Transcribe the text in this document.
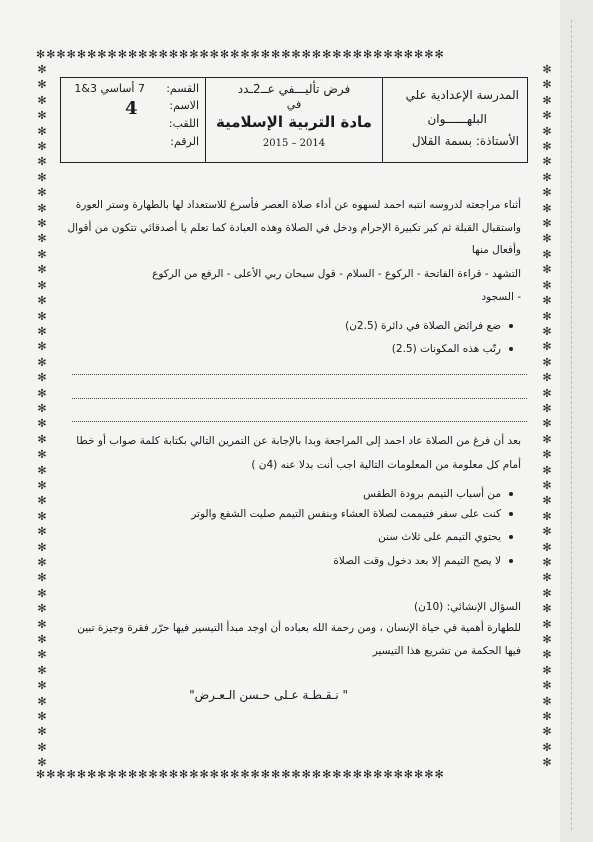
✻✻✻✻✻✻✻✻✻✻✻✻✻✻✻✻✻✻✻✻✻✻✻✻✻✻✻✻✻✻✻✻✻✻✻✻✻✻✻✻
✻✻✻✻✻✻✻✻✻✻✻✻✻✻✻✻✻✻✻✻✻✻✻✻✻✻✻✻✻✻✻✻✻✻✻✻✻✻✻✻
✻
✻
✻
✻
✻
✻
✻
✻
✻
✻
✻
✻
✻
✻
✻
✻
✻
✻
✻
✻
✻
✻
✻
✻
✻
✻
✻
✻
✻
✻
✻
✻
✻
✻
✻
✻
✻
✻
✻
✻
✻
✻
✻
✻
✻
✻
✻
✻
✻
✻
✻
✻
✻
✻
✻
✻
✻
✻
✻
✻
✻
✻
✻
✻
✻
✻
✻
✻
✻
✻
✻
✻
✻
✻
✻
✻
✻
✻
✻
✻
✻
✻
✻
✻
✻
✻
✻
✻
✻
✻
✻
✻
القسم:
7 أساسي 3&1
الاسم:
اللقب:
الرقم:
4
فرض تأليـــفي عــ2ـدد
في
مادة التربية الإسلامية
2015 – 2014
المدرسة الإعدادية علي
البلهــــــوان
الأستاذة: بسمة القلال
أثناء مراجعته لدروسه انتبه احمد لسهوه عن أداء صلاة العصر فأسرع للاستعداد لها بالطهارة وستر العورة
واستقبال القبلة ثم كبر تكبيرة الإحرام ودخل في الصلاة وهذه العبادة كما تعلم يا أصدقائي تتكون من أقوال
وأفعال منها
التشهد - قراءة الفاتحة - الركوع - السلام - قول سبحان ربي الأعلى - الرفع من الركوع
- السجود
ضع فرائض الصلاة في دائرة (2.5ن)
رتّب هذه المكونات (2.5)
بعد أن فرغ من الصلاة عاد احمد إلى المراجعة وبدا بالإجابة عن التمرين التالي بكتابة كلمة صواب أو خطا
أمام كل معلومة من المعلومات التالية اجب أنت بدلا عنه (4ن )
من أسباب التيمم برودة الطقس
كنت على سفر فتيممت لصلاة العشاء وبنفس التيمم صليت الشفع والوتر
يحتوي التيمم على ثلاث سنن
لا يصح التيمم إلا بعد دخول وقت الصلاة
السؤال الإنشائي: (10ن)
للطهارة أهمية في حياة الإنسان ، ومن رحمة الله بعباده أن اوجد مبدأ التيسير فيها حرّر فقرة وجيزة تبين
فيها الحكمة من تشريع هذا التيسير
" نـقـطـة عـلى حـسن الـعـرض"
